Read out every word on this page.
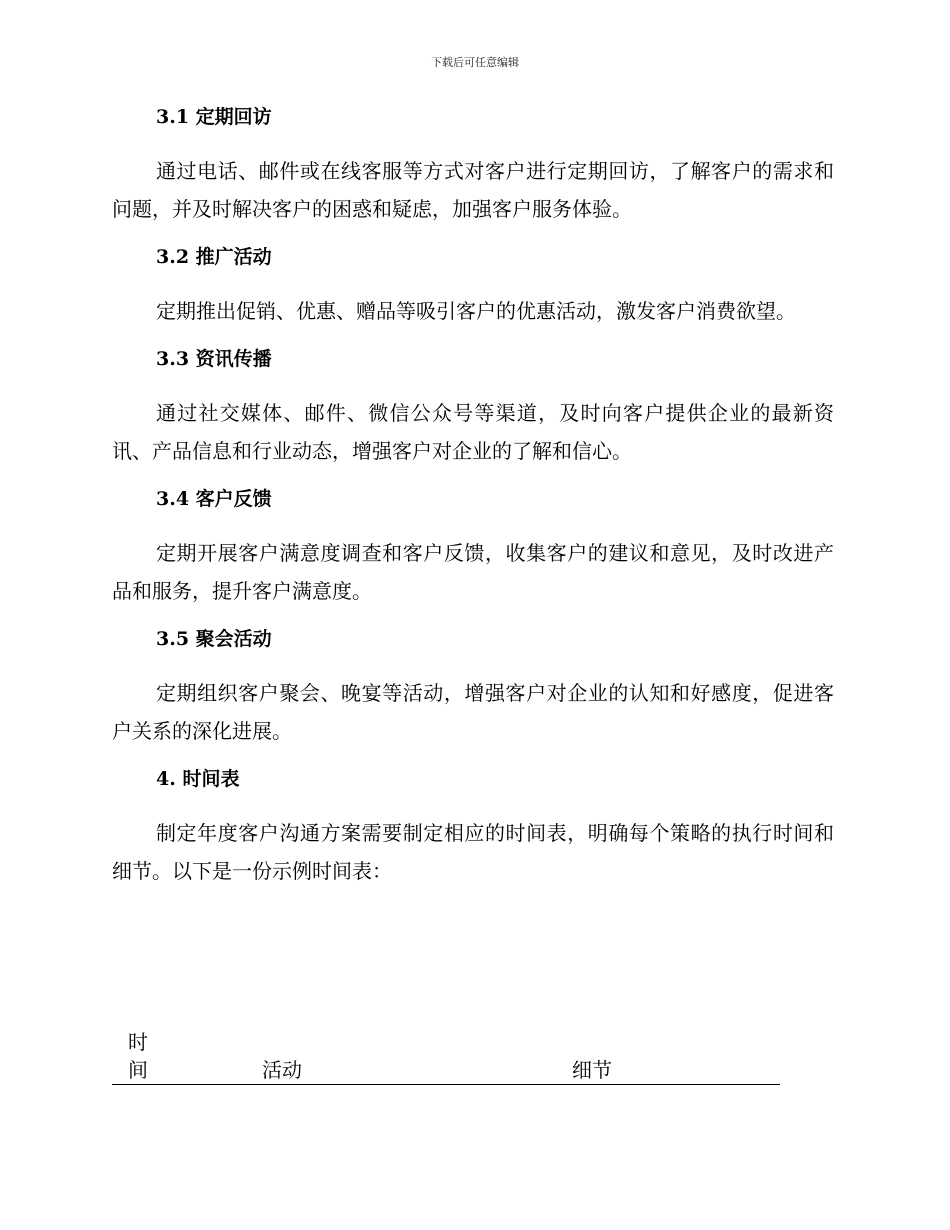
下载后可任意编辑
3.1 定期回访

通过电话、邮件或在线客服等方式对客户进行定期回访，了解客户的需求和问题，并及时解决客户的困惑和疑虑，加强客户服务体验。

3.2 推广活动

定期推出促销、优惠、赠品等吸引客户的优惠活动，激发客户消费欲望。

3.3 资讯传播

通过社交媒体、邮件、微信公众号等渠道，及时向客户提供企业的最新资讯、产品信息和行业动态，增强客户对企业的了解和信心。

3.4 客户反馈

定期开展客户满意度调查和客户反馈，收集客户的建议和意见，及时改进产品和服务，提升客户满意度。

3.5 聚会活动

定期组织客户聚会、晚宴等活动，增强客户对企业的认知和好感度，促进客户关系的深化进展。

4. 时间表

制定年度客户沟通方案需要制定相应的时间表，明确每个策略的执行时间和细节。以下是一份示例时间表：

时间	活动	细节
